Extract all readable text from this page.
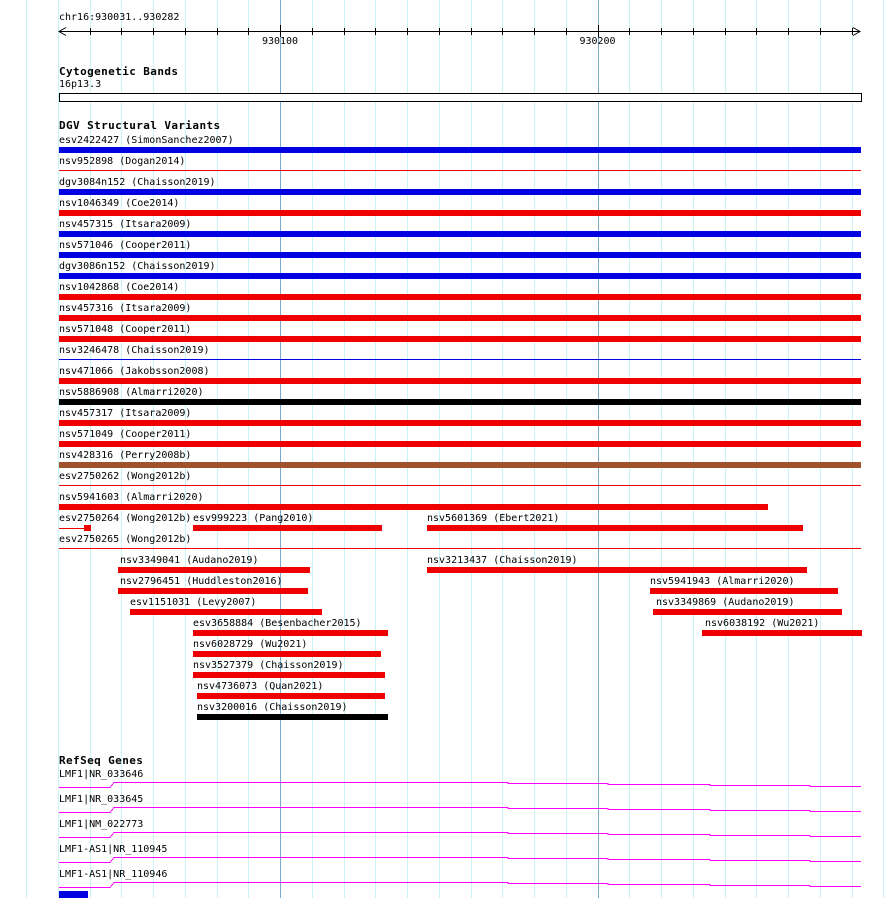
chr16:930031..930282
930100	930200
Cytogenetic Bands
16p13.3
DGV Structural Variants
esv2422427 (SimonSanchez2007)
nsv952898 (Dogan2014)
dgv3084n152 (Chaisson2019)
nsv1046349 (Coe2014)
nsv457315 (Itsara2009)
nsv571046 (Cooper2011)
dgv3086n152 (Chaisson2019)
nsv1042868 (Coe2014)
nsv457316 (Itsara2009)
nsv571048 (Cooper2011)
nsv3246478 (Chaisson2019)
nsv471066 (Jakobsson2008)
nsv5886908 (Almarri2020)
nsv457317 (Itsara2009)
nsv571049 (Cooper2011)
nsv428316 (Perry2008b)
esv2750262 (Wong2012b)
nsv5941603 (Almarri2020)
esv2750264 (Wong2012b) esv999223 (Pang2010)	nsv5601369 (Ebert2021)
esv2750265 (Wong2012b)
nsv3349041 (Audano2019)	nsv3213437 (Chaisson2019)
nsv2796451 (Huddleston2016)	nsv5941943 (Almarri2020)
esv1151031 (Levy2007)	nsv3349869 (Audano2019)
esv3658884 (Besenbacher2015)	nsv6038192 (Wu2021)
nsv6028729 (Wu2021)
nsv3527379 (Chaisson2019)
nsv4736073 (Quan2021)
nsv3200016 (Chaisson2019)
RefSeq Genes
LMF1|NR_033646
LMF1|NR_033645
LMF1|NM_022773
LMF1-AS1|NR_110945
LMF1-AS1|NR_110946
